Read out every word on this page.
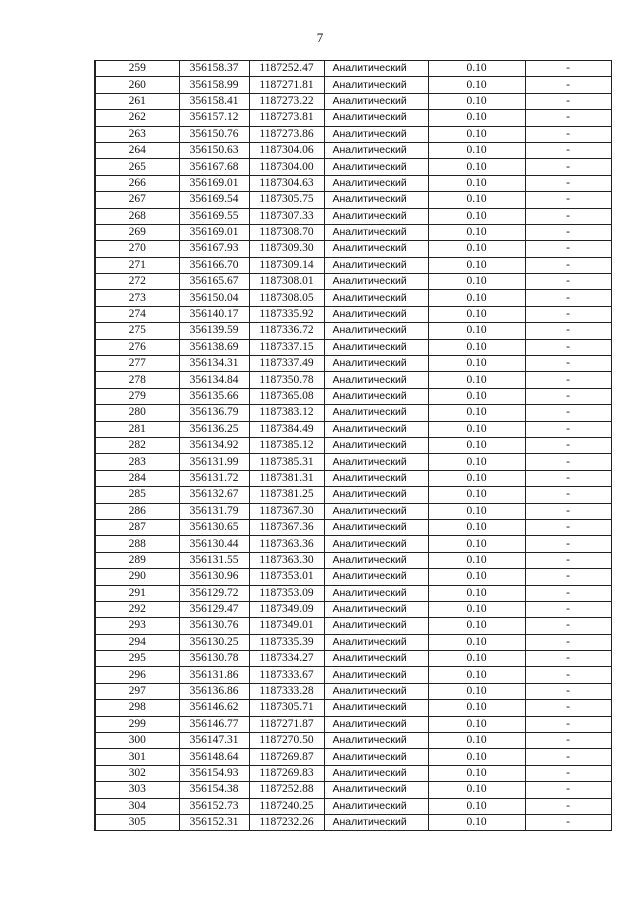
7
259	356158.37	1187252.47	Аналитический	0.10	-
260	356158.99	1187271.81	Аналитический	0.10	-
261	356158.41	1187273.22	Аналитический	0.10	-
262	356157.12	1187273.81	Аналитический	0.10	-
263	356150.76	1187273.86	Аналитический	0.10	-
264	356150.63	1187304.06	Аналитический	0.10	-
265	356167.68	1187304.00	Аналитический	0.10	-
266	356169.01	1187304.63	Аналитический	0.10	-
267	356169.54	1187305.75	Аналитический	0.10	-
268	356169.55	1187307.33	Аналитический	0.10	-
269	356169.01	1187308.70	Аналитический	0.10	-
270	356167.93	1187309.30	Аналитический	0.10	-
271	356166.70	1187309.14	Аналитический	0.10	-
272	356165.67	1187308.01	Аналитический	0.10	-
273	356150.04	1187308.05	Аналитический	0.10	-
274	356140.17	1187335.92	Аналитический	0.10	-
275	356139.59	1187336.72	Аналитический	0.10	-
276	356138.69	1187337.15	Аналитический	0.10	-
277	356134.31	1187337.49	Аналитический	0.10	-
278	356134.84	1187350.78	Аналитический	0.10	-
279	356135.66	1187365.08	Аналитический	0.10	-
280	356136.79	1187383.12	Аналитический	0.10	-
281	356136.25	1187384.49	Аналитический	0.10	-
282	356134.92	1187385.12	Аналитический	0.10	-
283	356131.99	1187385.31	Аналитический	0.10	-
284	356131.72	1187381.31	Аналитический	0.10	-
285	356132.67	1187381.25	Аналитический	0.10	-
286	356131.79	1187367.30	Аналитический	0.10	-
287	356130.65	1187367.36	Аналитический	0.10	-
288	356130.44	1187363.36	Аналитический	0.10	-
289	356131.55	1187363.30	Аналитический	0.10	-
290	356130.96	1187353.01	Аналитический	0.10	-
291	356129.72	1187353.09	Аналитический	0.10	-
292	356129.47	1187349.09	Аналитический	0.10	-
293	356130.76	1187349.01	Аналитический	0.10	-
294	356130.25	1187335.39	Аналитический	0.10	-
295	356130.78	1187334.27	Аналитический	0.10	-
296	356131.86	1187333.67	Аналитический	0.10	-
297	356136.86	1187333.28	Аналитический	0.10	-
298	356146.62	1187305.71	Аналитический	0.10	-
299	356146.77	1187271.87	Аналитический	0.10	-
300	356147.31	1187270.50	Аналитический	0.10	-
301	356148.64	1187269.87	Аналитический	0.10	-
302	356154.93	1187269.83	Аналитический	0.10	-
303	356154.38	1187252.88	Аналитический	0.10	-
304	356152.73	1187240.25	Аналитический	0.10	-
305	356152.31	1187232.26	Аналитический	0.10	-
